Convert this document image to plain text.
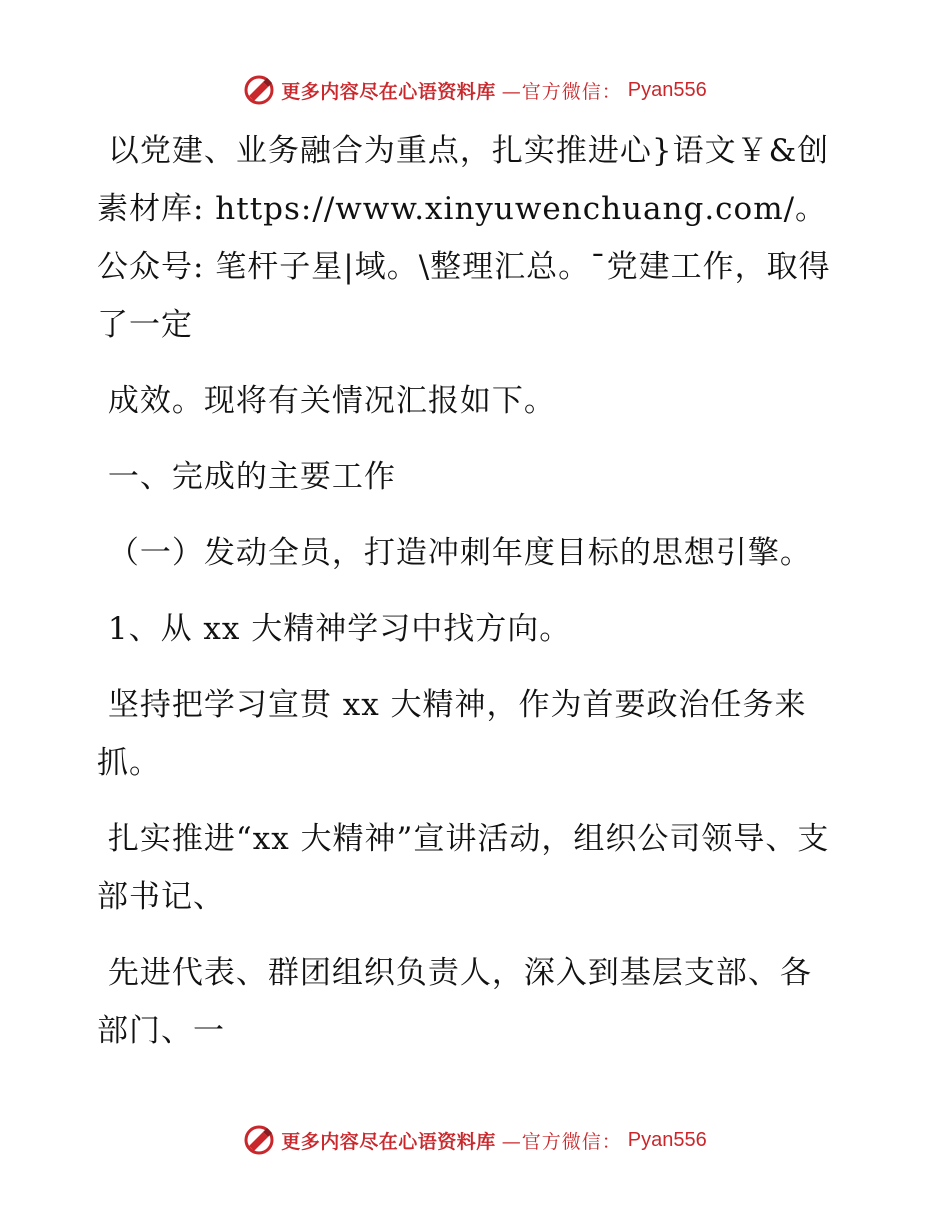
更多内容尽在心语资料库 —官方微信： Pyan556

以党建、业务融合为重点，扎实推进心}语文￥&创素材库: https://www.xinyuwenchuang.com/。公众号: 笔杆子星|域。\整理汇总。¯党建工作，取得了一定

成效。现将有关情况汇报如下。

一、完成的主要工作

（一）发动全员，打造冲刺年度目标的思想引擎。

1、从 xx 大精神学习中找方向。

坚持把学习宣贯 xx 大精神，作为首要政治任务来抓。

扎实推进“xx 大精神”宣讲活动，组织公司领导、支部书记、

先进代表、群团组织负责人，深入到基层支部、各部门、一

更多内容尽在心语资料库 —官方微信： Pyan556
